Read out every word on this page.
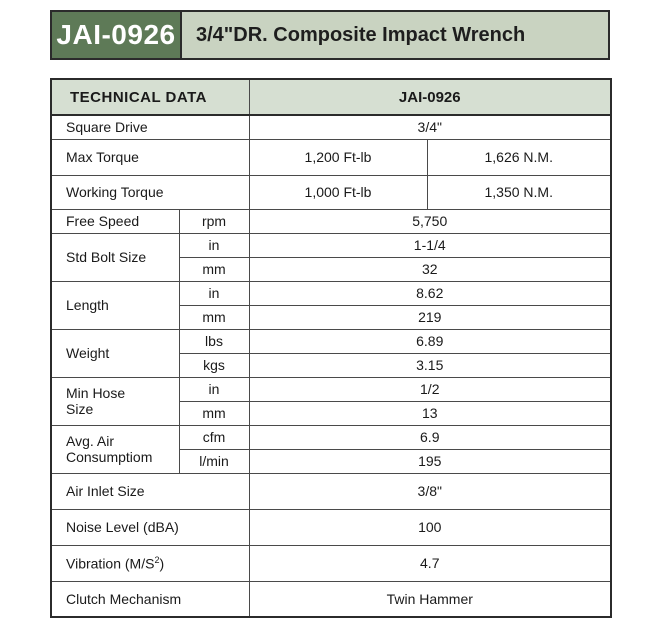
JAI-0926	3/4"DR. Composite Impact Wrench
TECHNICAL DATA		JAI-0926	
Square Drive		3/4"	
Max Torque		1,200 Ft-lb	1,626 N.M.
Working Torque		1,000 Ft-lb	1,350 N.M.
Free Speed	rpm	5,750	
Std Bolt Size	in	1-1/4	
	mm	32	
Length	in	8.62	
	mm	219	
Weight	lbs	6.89	
	kgs	3.15	
Min Hose
Size	in	1/2	
	mm	13	
Avg. Air
Consumptiom	cfm	6.9	
	l/min	195	
Air Inlet Size		3/8"	
Noise Level (dBA)		100	
Vibration $(M/S^2)$		4.7	
Clutch Mechanism		Twin Hammer	
